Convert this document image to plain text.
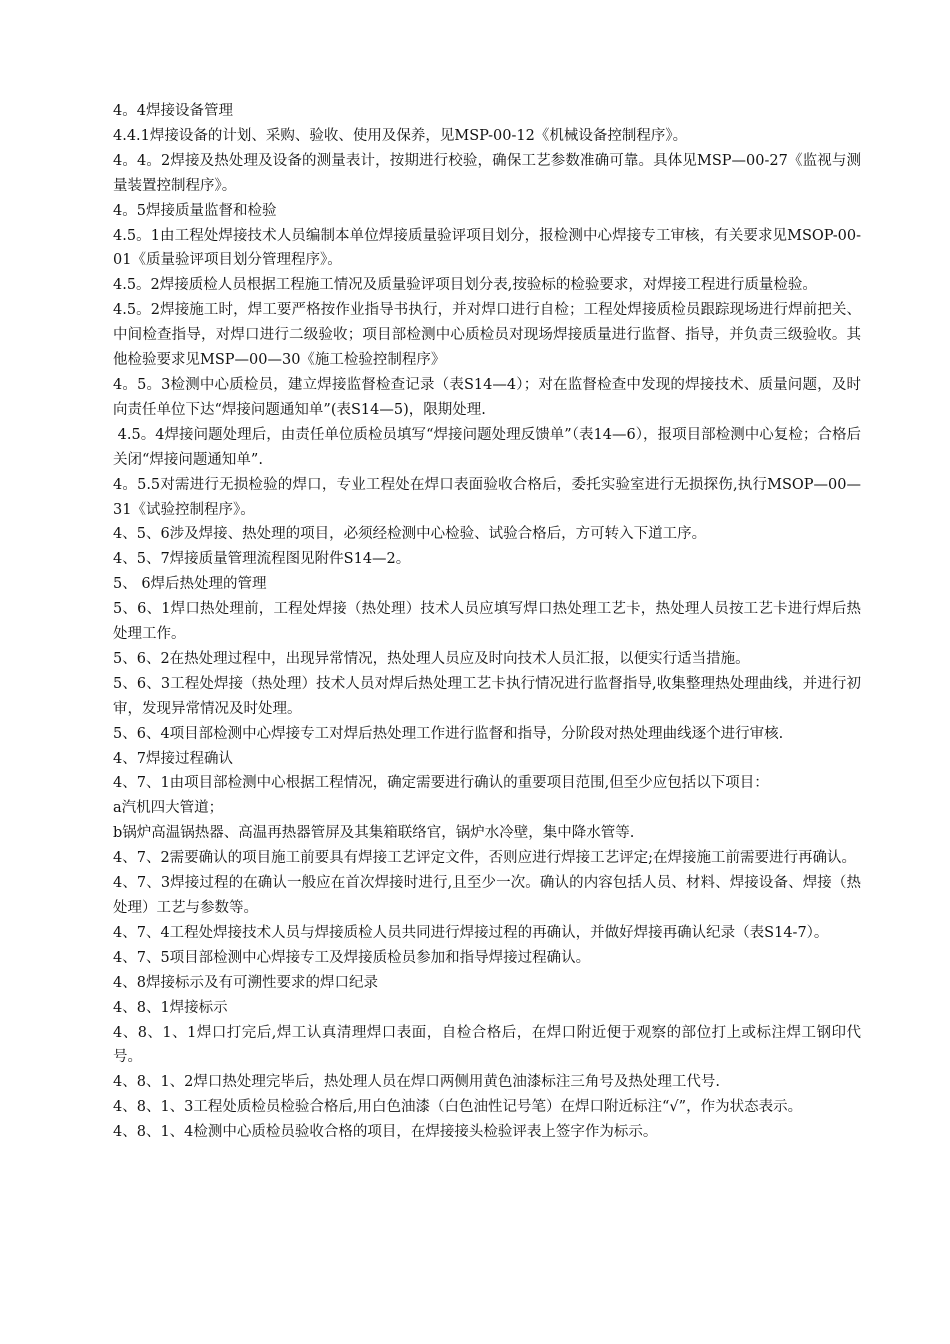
4。4焊接设备管理

4.4.1焊接设备的计划、采购、验收、使用及保养，见MSP-00-12《机械设备控制程序》。

4。4。2焊接及热处理及设备的测量表计，按期进行校验，确保工艺参数准确可靠。具体见MSP—00-27《监视与测量装置控制程序》。

4。5焊接质量监督和检验

4.5。1由工程处焊接技术人员编制本单位焊接质量验评项目划分，报检测中心焊接专工审核，有关要求见MSOP-00-01《质量验评项目划分管理程序》。

4.5。2焊接质检人员根据工程施工情况及质量验评项目划分表,按验标的检验要求，对焊接工程进行质量检验。

4.5。2焊接施工时，焊工要严格按作业指导书执行，并对焊口进行自检；工程处焊接质检员跟踪现场进行焊前把关、中间检查指导，对焊口进行二级验收；项目部检测中心质检员对现场焊接质量进行监督、指导，并负责三级验收。其他检验要求见MSP—00—30《施工检验控制程序》

4。5。3检测中心质检员，建立焊接监督检查记录（表S14—4）；对在监督检查中发现的焊接技术、质量问题，及时向责任单位下达“焊接问题通知单”(表S14—5)，限期处理.

4.5。4焊接问题处理后，由责任单位质检员填写“焊接问题处理反馈单”（表14—6），报项目部检测中心复检；合格后关闭“焊接问题通知单”.

4。5.5对需进行无损检验的焊口，专业工程处在焊口表面验收合格后，委托实验室进行无损探伤,执行MSOP—00—31《试验控制程序》。

4、5、6涉及焊接、热处理的项目，必须经检测中心检验、试验合格后，方可转入下道工序。

4、5、7焊接质量管理流程图见附件S14—2。

5、 6焊后热处理的管理

5、6、1焊口热处理前，工程处焊接（热处理）技术人员应填写焊口热处理工艺卡，热处理人员按工艺卡进行焊后热处理工作。

5、6、2在热处理过程中，出现异常情况，热处理人员应及时向技术人员汇报，以便实行适当措施。

5、6、3工程处焊接（热处理）技术人员对焊后热处理工艺卡执行情况进行监督指导,收集整理热处理曲线，并进行初审，发现异常情况及时处理。

5、6、4项目部检测中心焊接专工对焊后热处理工作进行监督和指导，分阶段对热处理曲线逐个进行审核.

4、7焊接过程确认

4、7、1由项目部检测中心根据工程情况，确定需要进行确认的重要项目范围,但至少应包括以下项目：

a汽机四大管道；

b锅炉高温锅热器、高温再热器管屏及其集箱联络官，锅炉水冷壁，集中降水管等.

4、7、2需要确认的项目施工前要具有焊接工艺评定文件，否则应进行焊接工艺评定;在焊接施工前需要进行再确认。

4、7、3焊接过程的在确认一般应在首次焊接时进行,且至少一次。确认的内容包括人员、材料、焊接设备、焊接（热处理）工艺与参数等。

4、7、4工程处焊接技术人员与焊接质检人员共同进行焊接过程的再确认，并做好焊接再确认纪录（表S14-7）。

4、7、5项目部检测中心焊接专工及焊接质检员参加和指导焊接过程确认。

4、8焊接标示及有可溯性要求的焊口纪录

4、8、1焊接标示

4、8、1、1焊口打完后,焊工认真清理焊口表面，自检合格后，在焊口附近便于观察的部位打上或标注焊工钢印代号。

4、8、1、2焊口热处理完毕后，热处理人员在焊口两侧用黄色油漆标注三角号及热处理工代号.

4、8、1、3工程处质检员检验合格后,用白色油漆（白色油性记号笔）在焊口附近标注“√”，作为状态表示。

4、8、1、4检测中心质检员验收合格的项目，在焊接接头检验评表上签字作为标示。
